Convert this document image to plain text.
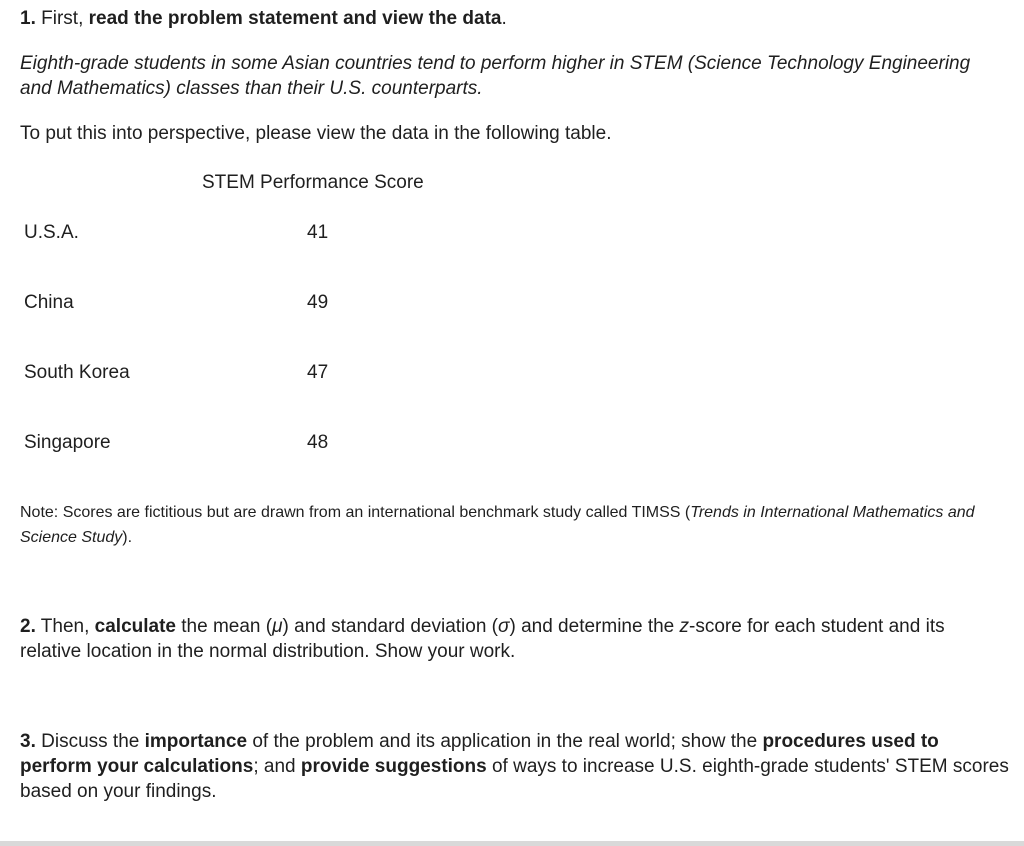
1. First, read the problem statement and view the data.

Eighth-grade students in some Asian countries tend to perform higher in STEM (Science Technology Engineering and Mathematics) classes than their U.S. counterparts.

To put this into perspective, please view the data in the following table.

STEM Performance Score
U.S.A.	41
China	49
South Korea	47
Singapore	48

Note: Scores are fictitious but are drawn from an international benchmark study called TIMSS (Trends in International Mathematics and Science Study).

2. Then, calculate the mean (μ) and standard deviation (σ) and determine the z-score for each student and its relative location in the normal distribution. Show your work.

3. Discuss the importance of the problem and its application in the real world; show the procedures used to perform your calculations; and provide suggestions of ways to increase U.S. eighth-grade students' STEM scores based on your findings.
